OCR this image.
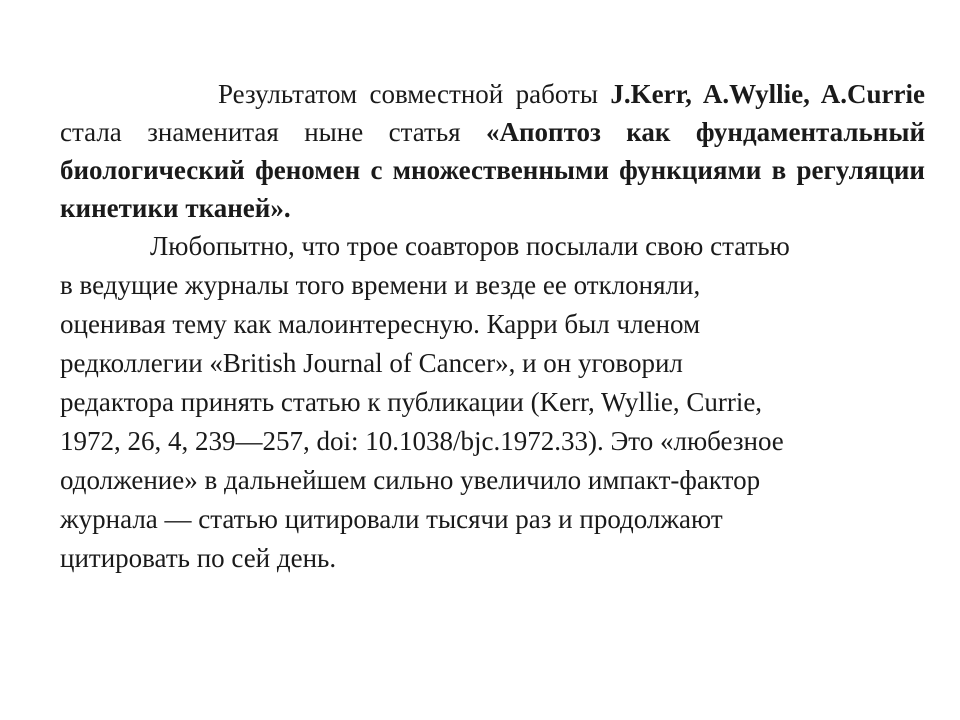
Результатом совместной работы J.Kerr, A.Wyllie, A.Currie стала знаменитая ныне статья «Апоптоз как фундаментальный биологический феномен с множественными функциями в регуляции кинетики тканей».

Любопытно, что трое соавторов посылали свою статью
в ведущие журналы того времени и везде ее отклоняли,
оценивая тему как малоинтересную. Карри был членом
редколлегии «British Journal of Cancer», и он уговорил
редактора принять статью к публикации (Kerr, Wyllie, Currie,
1972, 26, 4, 239—257, doi: 10.1038/bjc.1972.33). Это «любезное
одолжение» в дальнейшем сильно увеличило импакт-фактор
журнала — статью цитировали тысячи раз и продолжают
цитировать по сей день.
